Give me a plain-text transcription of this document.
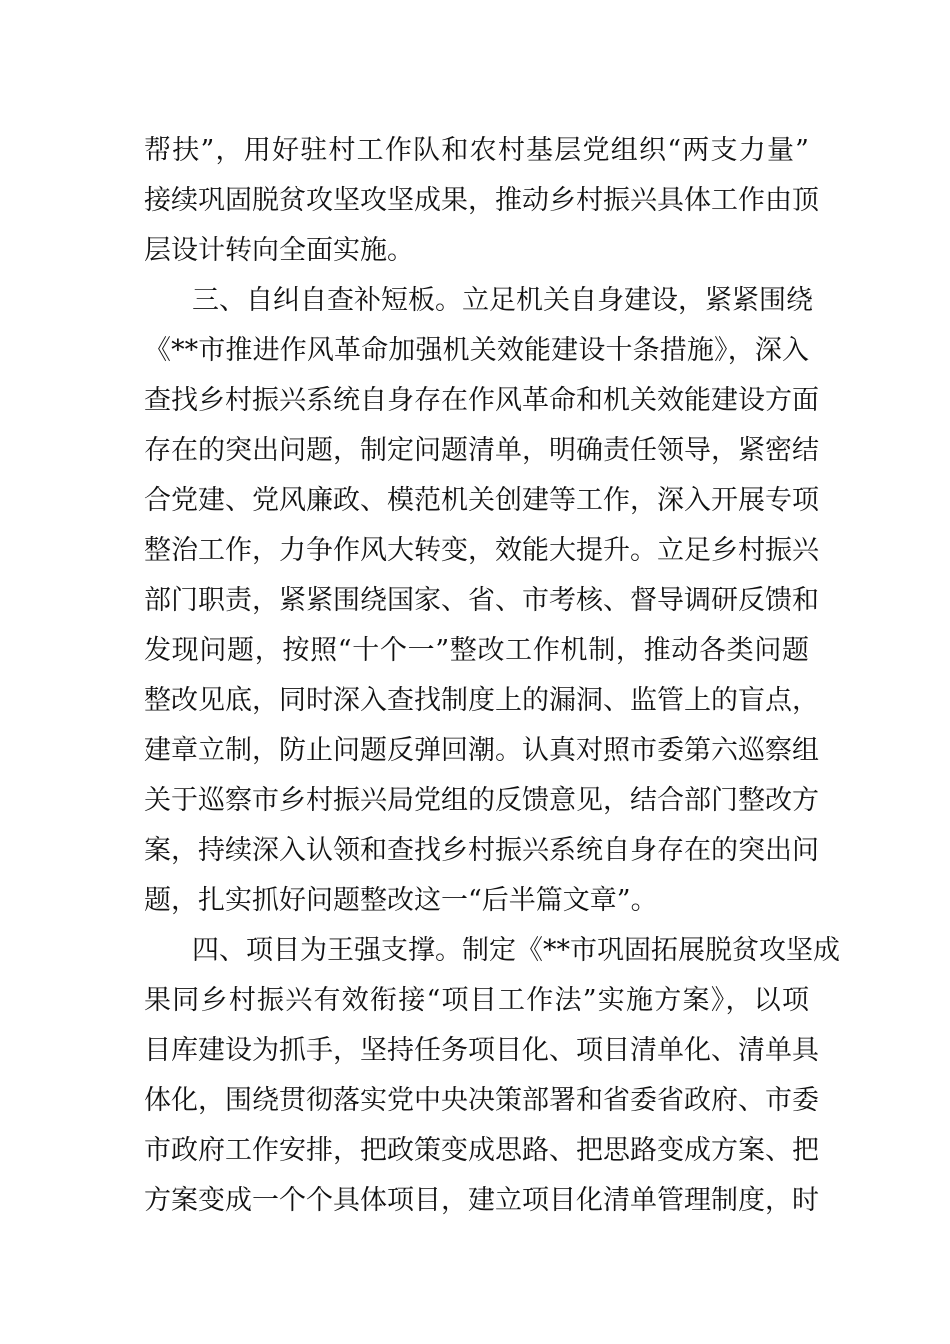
帮扶”，用好驻村工作队和农村基层党组织“两支力量”
接续巩固脱贫攻坚攻坚成果，推动乡村振兴具体工作由顶
层设计转向全面实施。
三、自纠自查补短板。立足机关自身建设，紧紧围绕
《**市推进作风革命加强机关效能建设十条措施》，深入
查找乡村振兴系统自身存在作风革命和机关效能建设方面
存在的突出问题，制定问题清单，明确责任领导，紧密结
合党建、党风廉政、模范机关创建等工作，深入开展专项
整治工作，力争作风大转变，效能大提升。立足乡村振兴
部门职责，紧紧围绕国家、省、市考核、督导调研反馈和
发现问题，按照“十个一”整改工作机制，推动各类问题
整改见底，同时深入查找制度上的漏洞、监管上的盲点，
建章立制，防止问题反弹回潮。认真对照市委第六巡察组
关于巡察市乡村振兴局党组的反馈意见，结合部门整改方
案，持续深入认领和查找乡村振兴系统自身存在的突出问
题，扎实抓好问题整改这一“后半篇文章”。
四、项目为王强支撑。制定《**市巩固拓展脱贫攻坚成
果同乡村振兴有效衔接“项目工作法”实施方案》，以项
目库建设为抓手，坚持任务项目化、项目清单化、清单具
体化，围绕贯彻落实党中央决策部署和省委省政府、市委
市政府工作安排，把政策变成思路、把思路变成方案、把
方案变成一个个具体项目，建立项目化清单管理制度，时
